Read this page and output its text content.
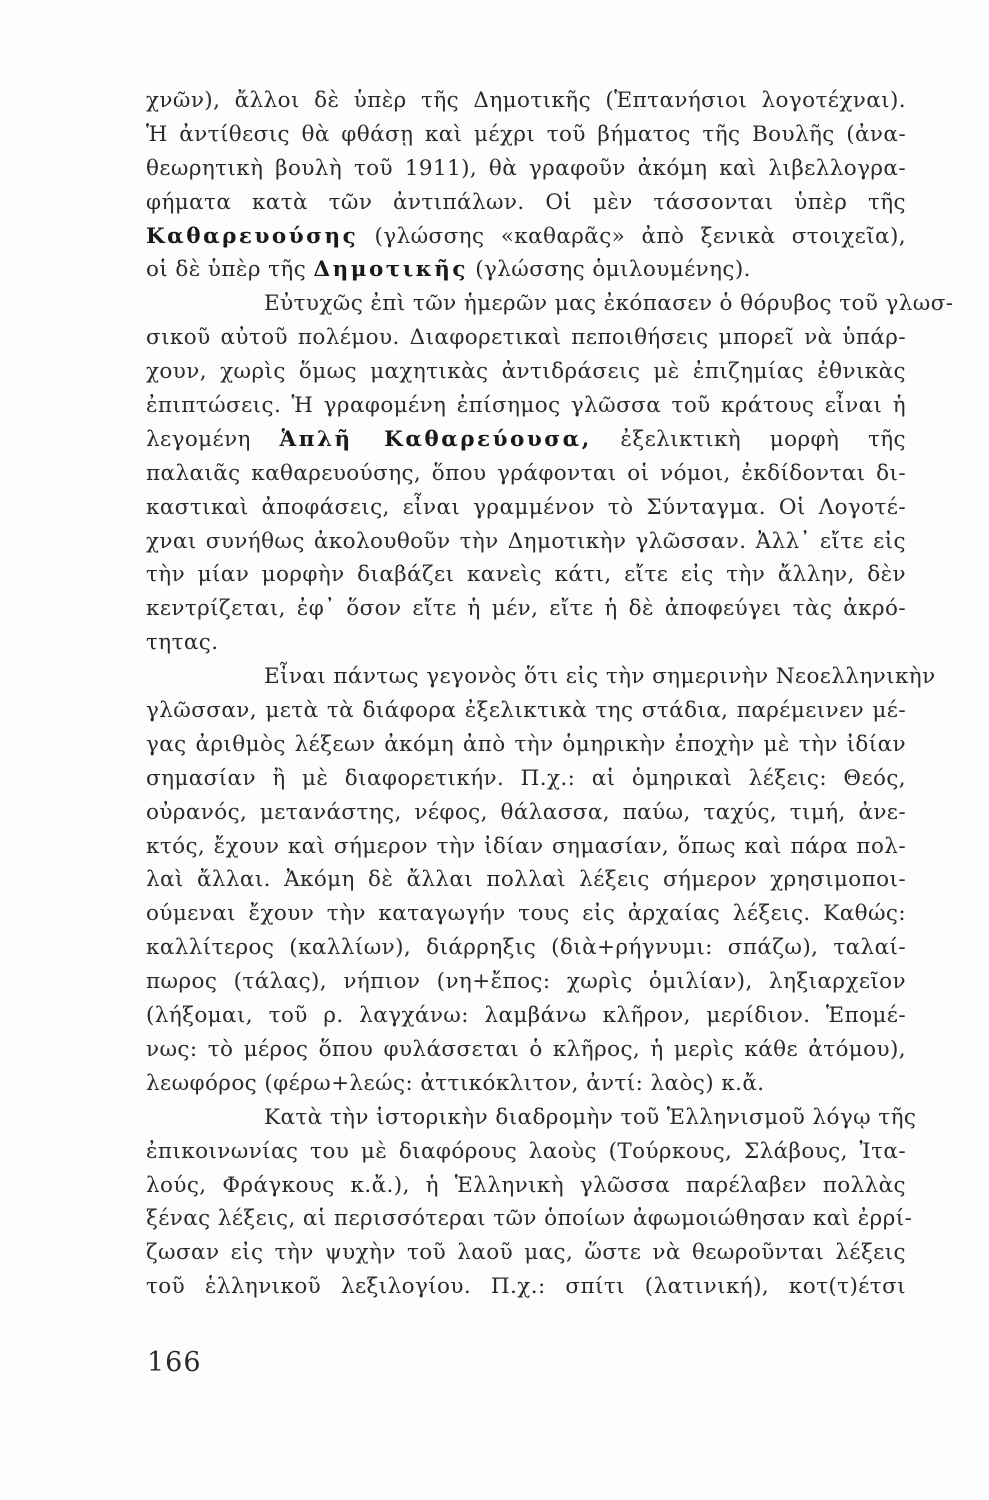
χνῶν), ἄλλοι δὲ ὑπὲρ τῆς Δημοτικῆς (Ἑπτανήσιοι λογοτέχναι).
Ἡ ἀντίθεσις θὰ φθάσῃ καὶ μέχρι τοῦ βήματος τῆς Βουλῆς (ἀνα-
θεωρητικὴ βουλὴ τοῦ 1911), θὰ γραφοῦν ἀκόμη καὶ λιβελλογρα-
φήματα κατὰ τῶν ἀντιπάλων. Οἱ μὲν τάσσονται ὑπὲρ τῆς
Καθαρευούσης (γλώσσης «καθαρᾶς» ἀπὸ ξενικὰ στοιχεῖα),
οἱ δὲ ὑπὲρ τῆς Δημοτικῆς (γλώσσης ὁμιλουμένης).
Εὐτυχῶς ἐπὶ τῶν ἡμερῶν μας ἐκόπασεν ὁ θόρυβος τοῦ γλωσ-
σικοῦ αὐτοῦ πολέμου. Διαφορετικαὶ πεποιθήσεις μπορεῖ νὰ ὑπάρ-
χουν, χωρὶς ὅμως μαχητικὰς ἀντιδράσεις μὲ ἐπιζημίας ἐθνικὰς
ἐπιπτώσεις. Ἡ γραφομένη ἐπίσημος γλῶσσα τοῦ κράτους εἶναι ἡ
λεγομένη Ἁπλῆ Καθαρεύουσα, ἐξελικτικὴ μορφὴ τῆς
παλαιᾶς καθαρευούσης, ὅπου γράφονται οἱ νόμοι, ἐκδίδονται δι-
καστικαὶ ἀποφάσεις, εἶναι γραμμένον τὸ Σύνταγμα. Οἱ Λογοτέ-
χναι συνήθως ἀκολουθοῦν τὴν Δημοτικὴν γλῶσσαν. Ἀλλ᾽ εἴτε εἰς
τὴν μίαν μορφὴν διαβάζει κανεὶς κάτι, εἴτε εἰς τὴν ἄλλην, δὲν
κεντρίζεται, ἐφ᾽ ὅσον εἴτε ἡ μέν, εἴτε ἡ δὲ ἀποφεύγει τὰς ἀκρό-
τητας.
Εἶναι πάντως γεγονὸς ὅτι εἰς τὴν σημερινὴν Νεοελληνικὴν
γλῶσσαν, μετὰ τὰ διάφορα ἐξελικτικὰ της στάδια, παρέμεινεν μέ-
γας ἀριθμὸς λέξεων ἀκόμη ἀπὸ τὴν ὁμηρικὴν ἐποχὴν μὲ τὴν ἰδίαν
σημασίαν ἢ μὲ διαφορετικήν. Π.χ.: αἱ ὁμηρικαὶ λέξεις: Θεός,
οὐρανός, μετανάστης, νέφος, θάλασσα, παύω, ταχύς, τιμή, ἀνε-
κτός, ἔχουν καὶ σήμερον τὴν ἰδίαν σημασίαν, ὅπως καὶ πάρα πολ-
λαὶ ἄλλαι. Ἀκόμη δὲ ἄλλαι πολλαὶ λέξεις σήμερον χρησιμοποι-
ούμεναι ἔχουν τὴν καταγωγήν τους εἰς ἀρχαίας λέξεις. Καθώς:
καλλίτερος (καλλίων), διάρρηξις (διὰ+ρήγνυμι: σπάζω), ταλαί-
πωρος (τάλας), νήπιον (νη+ἔπος: χωρὶς ὁμιλίαν), ληξιαρχεῖον
(λήξομαι, τοῦ ρ. λαγχάνω: λαμβάνω κλῆρον, μερίδιον. Ἑπομέ-
νως: τὸ μέρος ὅπου φυλάσσεται ὁ κλῆρος, ἡ μερὶς κάθε ἀτόμου),
λεωφόρος (φέρω+λεώς: ἀττικόκλιτον, ἀντί: λαὸς) κ.ἄ.
Κατὰ τὴν ἱστορικὴν διαδρομὴν τοῦ Ἑλληνισμοῦ λόγῳ τῆς
ἐπικοινωνίας του μὲ διαφόρους λαοὺς (Τούρκους, Σλάβους, Ἰτα-
λούς, Φράγκους κ.ἄ.), ἡ Ἑλληνικὴ γλῶσσα παρέλαβεν πολλὰς
ξένας λέξεις, αἱ περισσότεραι τῶν ὁποίων ἀφωμοιώθησαν καὶ ἐρρί-
ζωσαν εἰς τὴν ψυχὴν τοῦ λαοῦ μας, ὥστε νὰ θεωροῦνται λέξεις
τοῦ ἑλληνικοῦ λεξιλογίου. Π.χ.: σπίτι (λατινική), κοτ(τ)έτσι
166
